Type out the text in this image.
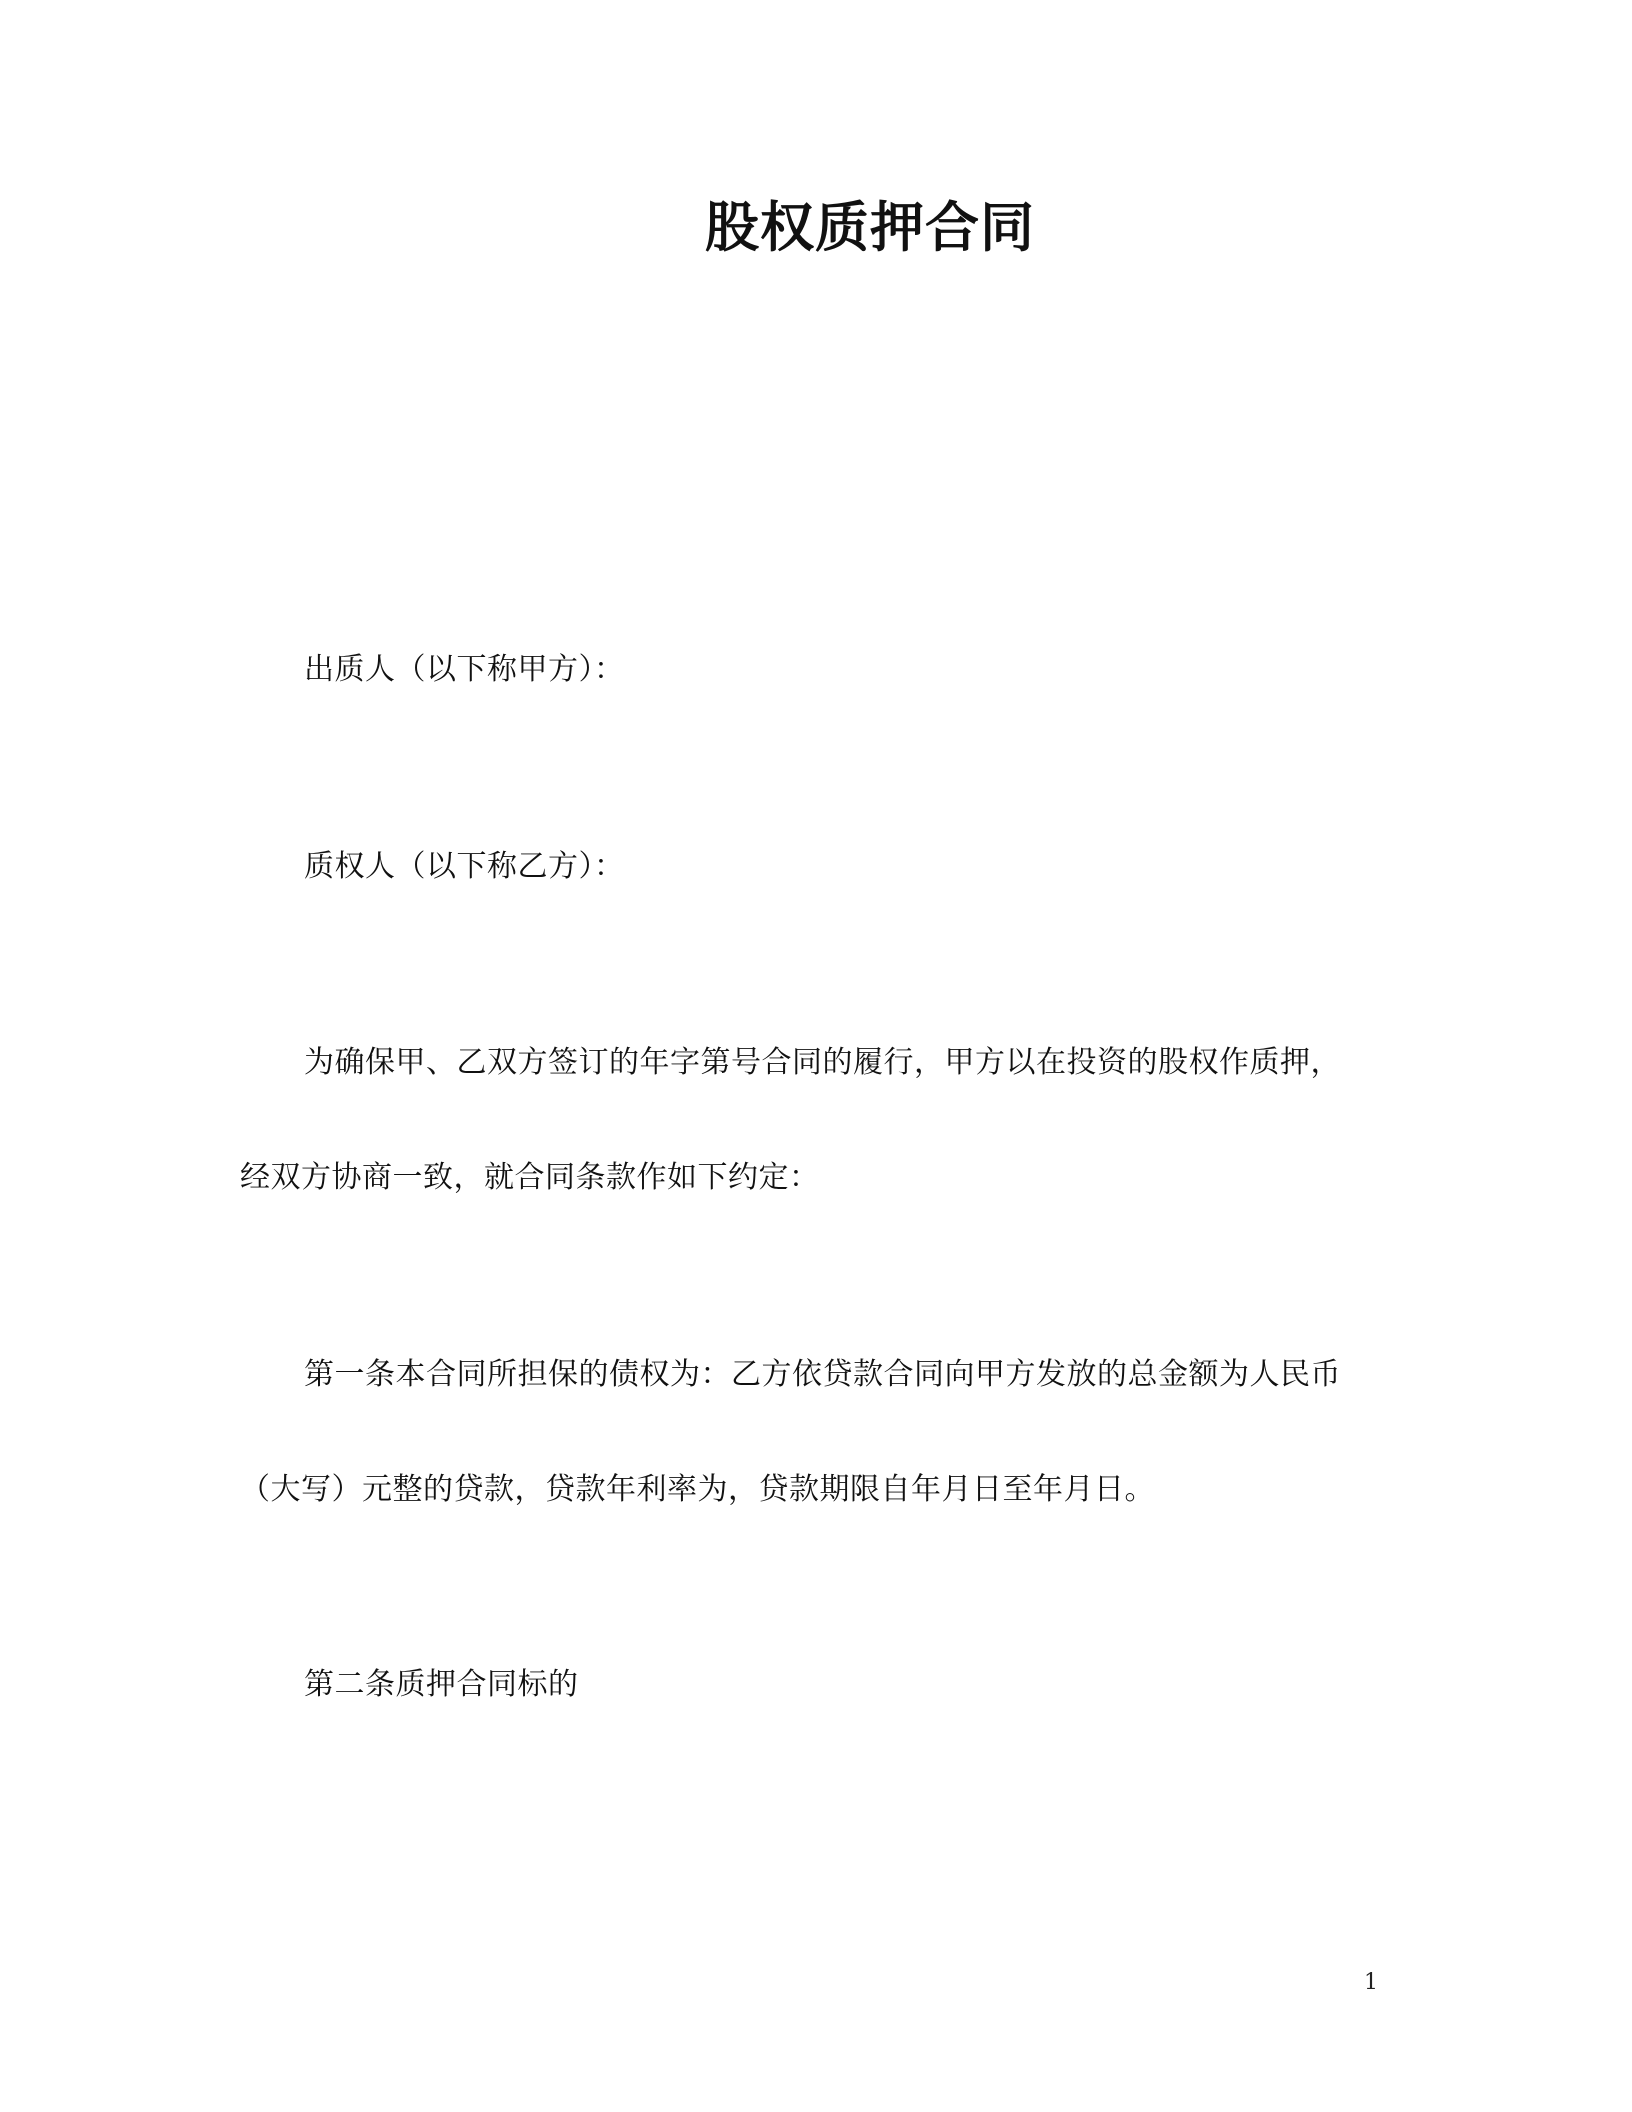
股权质押合同
出质人（以下称甲方）：
质权人（以下称乙方）：
为确保甲、乙双方签订的年字第号合同的履行，甲方以在投资的股权作质押，
经双方协商一致，就合同条款作如下约定：
第一条本合同所担保的债权为：乙方依贷款合同向甲方发放的总金额为人民币
（大写）元整的贷款，贷款年利率为，贷款期限自年月日至年月日。
第二条质押合同标的
1
